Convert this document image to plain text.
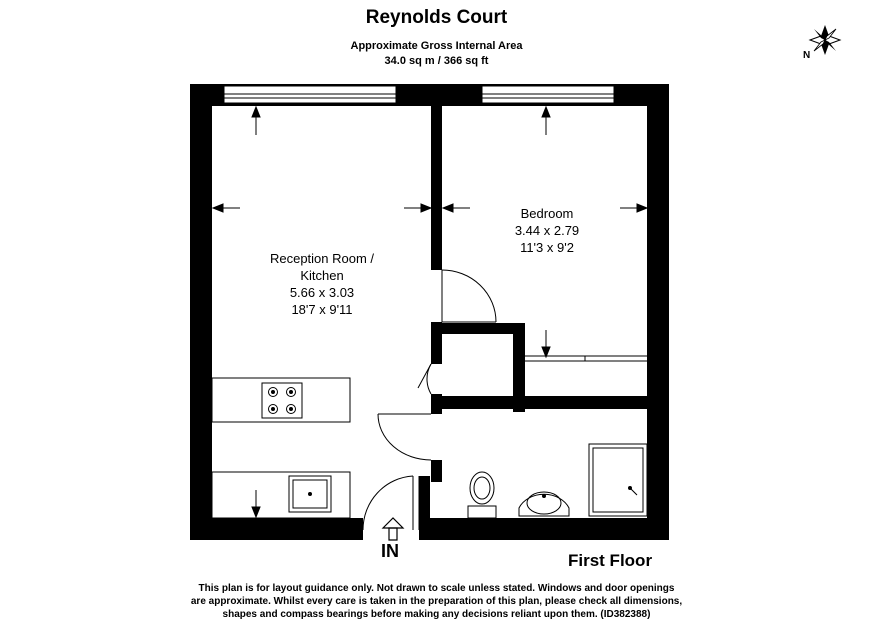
Reynolds Court
Approximate Gross Internal Area
34.0 sq m / 366 sq ft
Reception Room /
Kitchen
5.66 x 3.03
18'7 x 9'11
Bedroom
3.44 x 2.79
11'3 x 9'2
N
IN	First Floor
This plan is for layout guidance only. Not drawn to scale unless stated. Windows and door openings
are approximate. Whilst every care is taken in the preparation of this plan, please check all dimensions,
shapes and compass bearings before making any decisions reliant upon them. (ID382388)
